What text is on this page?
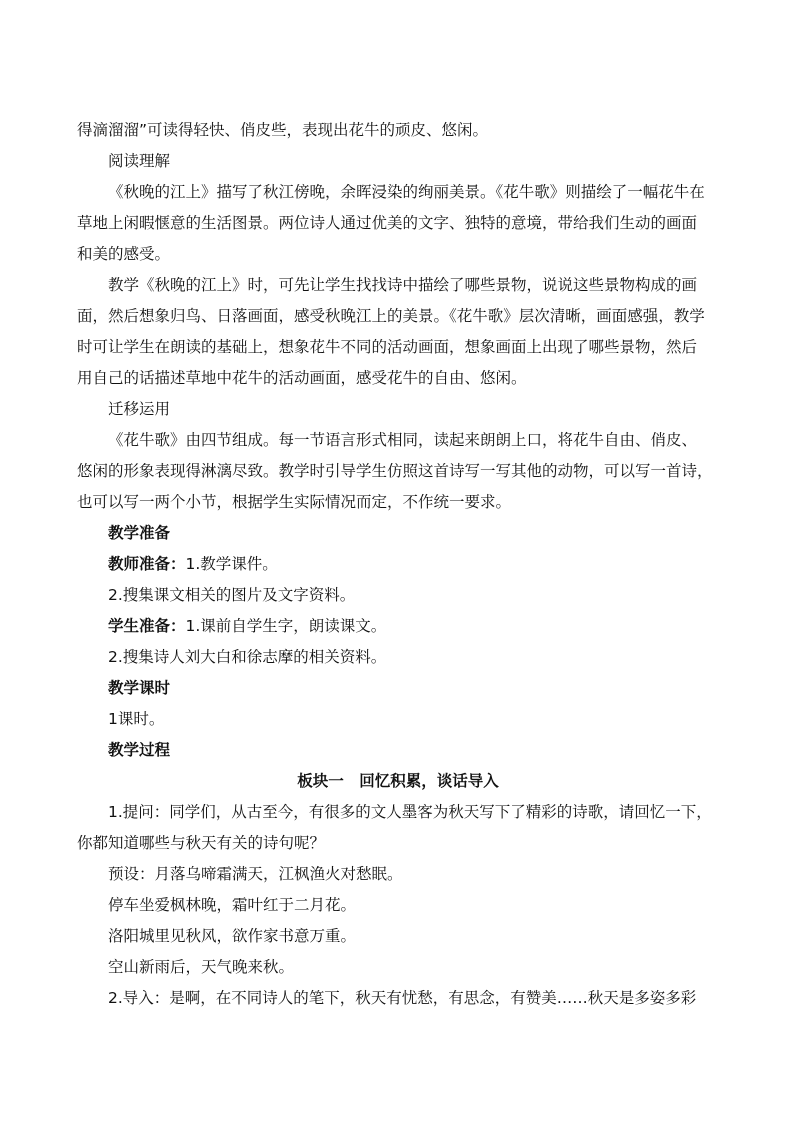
得滴溜溜”可读得轻快、俏皮些，表现出花牛的顽皮、悠闲。
阅读理解
《秋晚的江上》描写了秋江傍晚，余晖浸染的绚丽美景。《花牛歌》则描绘了一幅花牛在
草地上闲暇惬意的生活图景。两位诗人通过优美的文字、独特的意境，带给我们生动的画面
和美的感受。
教学《秋晚的江上》时，可先让学生找找诗中描绘了哪些景物，说说这些景物构成的画
面，然后想象归鸟、日落画面，感受秋晚江上的美景。《花牛歌》层次清晰，画面感强，教学
时可让学生在朗读的基础上，想象花牛不同的活动画面，想象画面上出现了哪些景物，然后
用自己的话描述草地中花牛的活动画面，感受花牛的自由、悠闲。
迁移运用
《花牛歌》由四节组成。每一节语言形式相同，读起来朗朗上口，将花牛自由、俏皮、
悠闲的形象表现得淋漓尽致。教学时引导学生仿照这首诗写一写其他的动物，可以写一首诗，
也可以写一两个小节，根据学生实际情况而定，不作统一要求。
教学准备
教师准备：1.教学课件。
2.搜集课文相关的图片及文字资料。
学生准备：1.课前自学生字，朗读课文。
2.搜集诗人刘大白和徐志摩的相关资料。
教学课时
1课时。
教学过程
板块一　回忆积累，谈话导入
1.提问：同学们，从古至今，有很多的文人墨客为秋天写下了精彩的诗歌，请回忆一下，
你都知道哪些与秋天有关的诗句呢？
预设：月落乌啼霜满天，江枫渔火对愁眠。
停车坐爱枫林晚，霜叶红于二月花。
洛阳城里见秋风，欲作家书意万重。
空山新雨后，天气晚来秋。
2.导入：是啊，在不同诗人的笔下，秋天有忧愁，有思念，有赞美……秋天是多姿多彩
